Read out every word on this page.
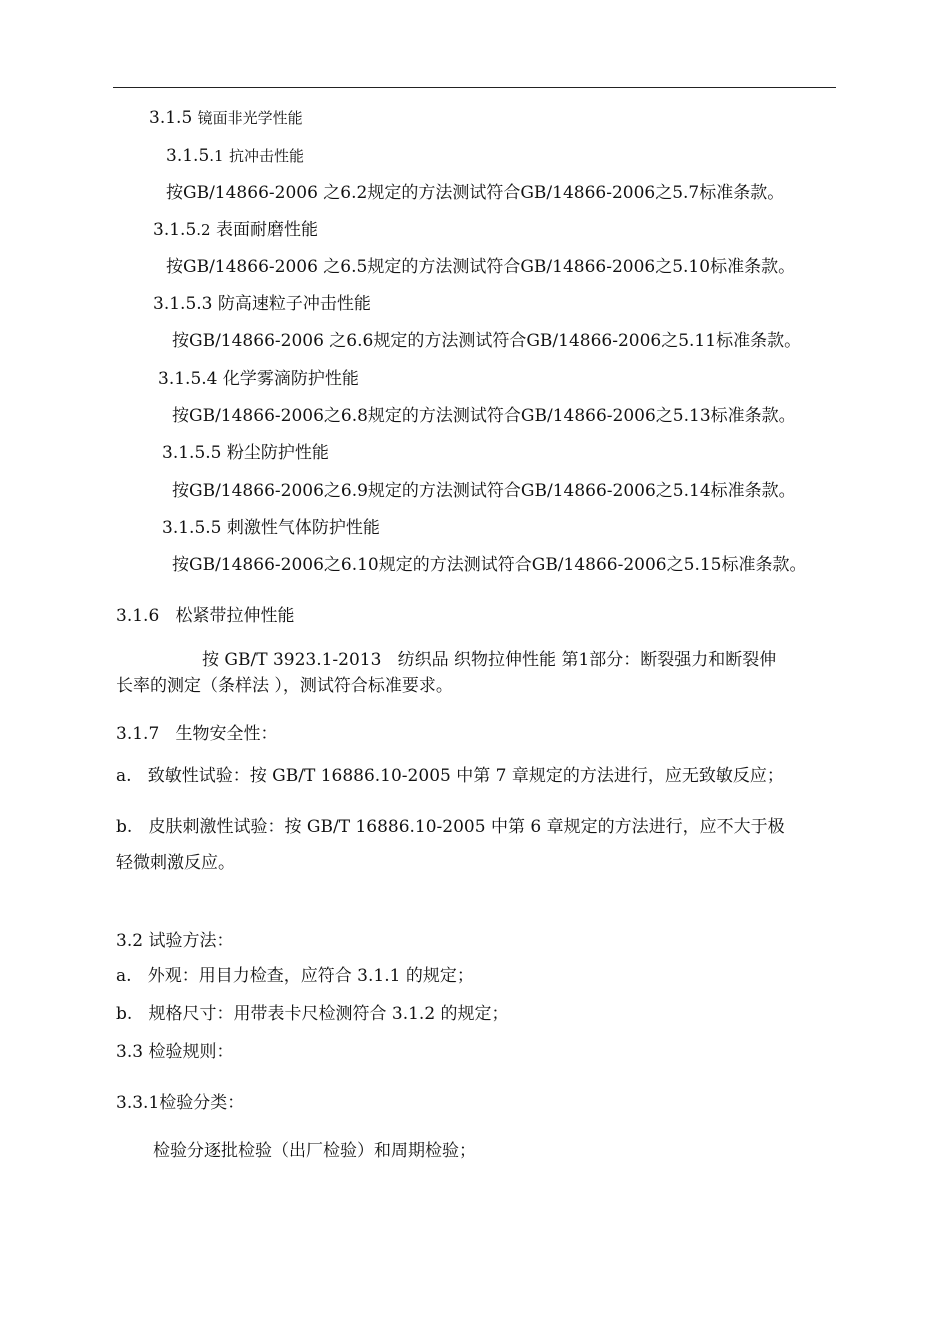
3.1.5 镜面非光学性能
3.1.5.1 抗冲击性能
按GB/14866-2006 之6.2规定的方法测试符合GB/14866-2006之5.7标准条款。
3.1.5.2 表面耐磨性能
按GB/14866-2006 之6.5规定的方法测试符合GB/14866-2006之5.10标准条款。
3.1.5.3 防高速粒子冲击性能
按GB/14866-2006 之6.6规定的方法测试符合GB/14866-2006之5.11标准条款。
3.1.5.4 化学雾滴防护性能
按GB/14866-2006之6.8规定的方法测试符合GB/14866-2006之5.13标准条款。
3.1.5.5 粉尘防护性能
按GB/14866-2006之6.9规定的方法测试符合GB/14866-2006之5.14标准条款。
3.1.5.5 刺激性气体防护性能
按GB/14866-2006之6.10规定的方法测试符合GB/14866-2006之5.15标准条款。
3.1.6   松紧带拉伸性能
按 GB/T 3923.1-2013   纺织品 织物拉伸性能 第1部分：断裂强力和断裂伸
长率的测定（条样法 ），测试符合标准要求。
3.1.7   生物安全性：
a.   致敏性试验：按 GB/T 16886.10-2005 中第 7 章规定的方法进行，应无致敏反应；
b.   皮肤刺激性试验：按 GB/T 16886.10-2005 中第 6 章规定的方法进行，应不大于极
轻微刺激反应。
3.2 试验方法：
a.   外观：用目力检查，应符合 3.1.1 的规定；
b.   规格尺寸：用带表卡尺检测符合 3.1.2 的规定；
3.3 检验规则：
3.3.1检验分类：
检验分逐批检验（出厂检验）和周期检验；
